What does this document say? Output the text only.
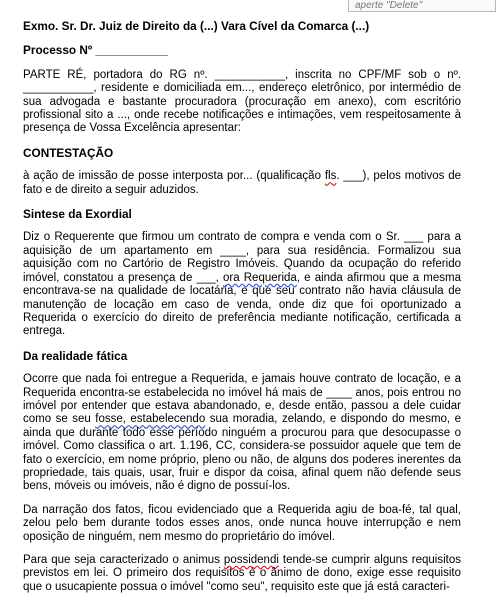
aperte "Delete"

Exmo. Sr. Dr. Juiz de Direito da (...) Vara Cível da Comarca (...)

Processo Nº ___________

PARTE RÉ, portadora do RG nº. ___________, inscrita no CPF/MF sob o nº. ___________, residente e domiciliada em..., endereço eletrônico, por intermédio de sua advogada e bastante procuradora (procuração em anexo), com escritório profissional sito a ..., onde recebe notificações e intimações, vem respeitosamente à presença de Vossa Excelência apresentar:

CONTESTAÇÃO

à ação de imissão de posse interposta por... (qualificação fls. ___), pelos motivos de fato e de direito a seguir aduzidos.

Sintese da Exordial

Diz o Requerente que firmou um contrato de compra e venda com o Sr. ___ para a aquisição de um apartamento em ____, para sua residência. Formalizou sua aquisição com no Cartório de Registro Imóveis. Quando da ocupação do referido imóvel, constatou a presença de ___, ora Requerida, e ainda afirmou que a mesma encontrava-se na qualidade de locatária, e que seu contrato não havia cláusula de manutenção de locação em caso de venda, onde diz que foi oportunizado a Requerida o exercício do direito de preferência mediante notificação, certificada a entrega.

Da realidade fática

Ocorre que nada foi entregue a Requerida, e jamais houve contrato de locação, e a Requerida encontra-se estabelecida no imóvel há mais de ____ anos, pois entrou no imóvel por entender que estava abandonado, e, desde então, passou a dele cuidar como se seu fosse, estabelecendo sua moradia, zelando, e dispondo do mesmo, e ainda que durante todo esse período ninguém a procurou para que desocupasse o imóvel. Como classifica o art. 1.196, CC, considera-se possuidor aquele que tem de fato o exercício, em nome próprio, pleno ou não, de alguns dos poderes inerentes da propriedade, tais quais, usar, fruir e dispor da coisa, afinal quem não defende seus bens, móveis ou imóveis, não é digno de possuí-los.

Da narração dos fatos, ficou evidenciado que a Requerida agiu de boa-fé, tal qual, zelou pelo bem durante todos esses anos, onde nunca houve interrupção e nem oposição de ninguém, nem mesmo do proprietário do imóvel.

Para que seja caracterizado o animus possidendi tende-se cumprir alguns requisitos previstos em lei. O primeiro dos requisitos é o ânimo de dono, exige esse requisito que o usucapiente possua o imóvel "como seu", requisito este que já está caracteri-
